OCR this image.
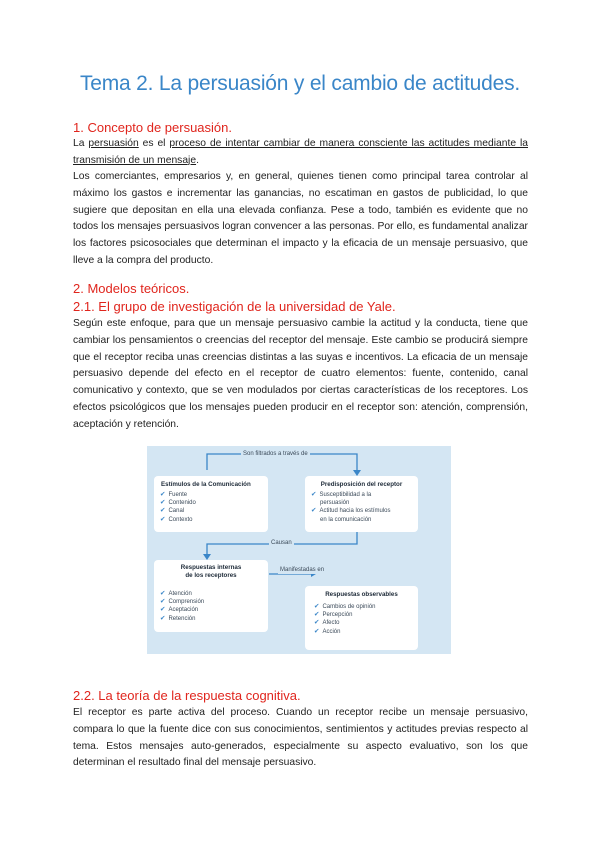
Tema 2. La persuasión y el cambio de actitudes.
1. Concepto de persuasión.

La persuasión es el proceso de intentar cambiar de manera consciente las actitudes mediante la transmisión de un mensaje.

Los comerciantes, empresarios y, en general, quienes tienen como principal tarea controlar al máximo los gastos e incrementar las ganancias, no escatiman en gastos de publicidad, lo que sugiere que depositan en ella una elevada confianza. Pese a todo, también es evidente que no todos los mensajes persuasivos logran convencer a las personas. Por ello, es fundamental analizar los factores psicosociales que determinan el impacto y la eficacia de un mensaje persuasivo, que lleve a la compra del producto.

2. Modelos teóricos.
2.1. El grupo de investigación de la universidad de Yale.

Según este enfoque, para que un mensaje persuasivo cambie la actitud y la conducta, tiene que cambiar los pensamientos o creencias del receptor del mensaje. Este cambio se producirá siempre que el receptor reciba unas creencias distintas a las suyas e incentivos. La eficacia de un mensaje persuasivo depende del efecto en el receptor de cuatro elementos: fuente, contenido, canal comunicativo y contexto, que se ven modulados por ciertas características de los receptores. Los efectos psicológicos que los mensajes pueden producir en el receptor son: atención, comprensión, aceptación y retención.

Son filtrados a través de
Causan
Manifestadas en
Estímulos de la Comunicación
✔ Fuente
✔ Contenido
✔ Canal
✔ Contexto
Predisposición del receptor
✔ Susceptibilidad a la
persuasión
✔ Actitud hacia los estímulos
en la comunicación
Respuestas internas
de los receptores
✔ Atención
✔ Comprensión
✔ Aceptación
✔ Retención
Respuestas observables
✔ Cambios de opinión
✔ Percepción
✔ Afecto
✔ Acción
2.2. La teoría de la respuesta cognitiva.

El receptor es parte activa del proceso. Cuando un receptor recibe un mensaje persuasivo, compara lo que la fuente dice con sus conocimientos, sentimientos y actitudes previas respecto al tema. Estos mensajes auto-generados, especialmente su aspecto evaluativo, son los que determinan el resultado final del mensaje persuasivo.
